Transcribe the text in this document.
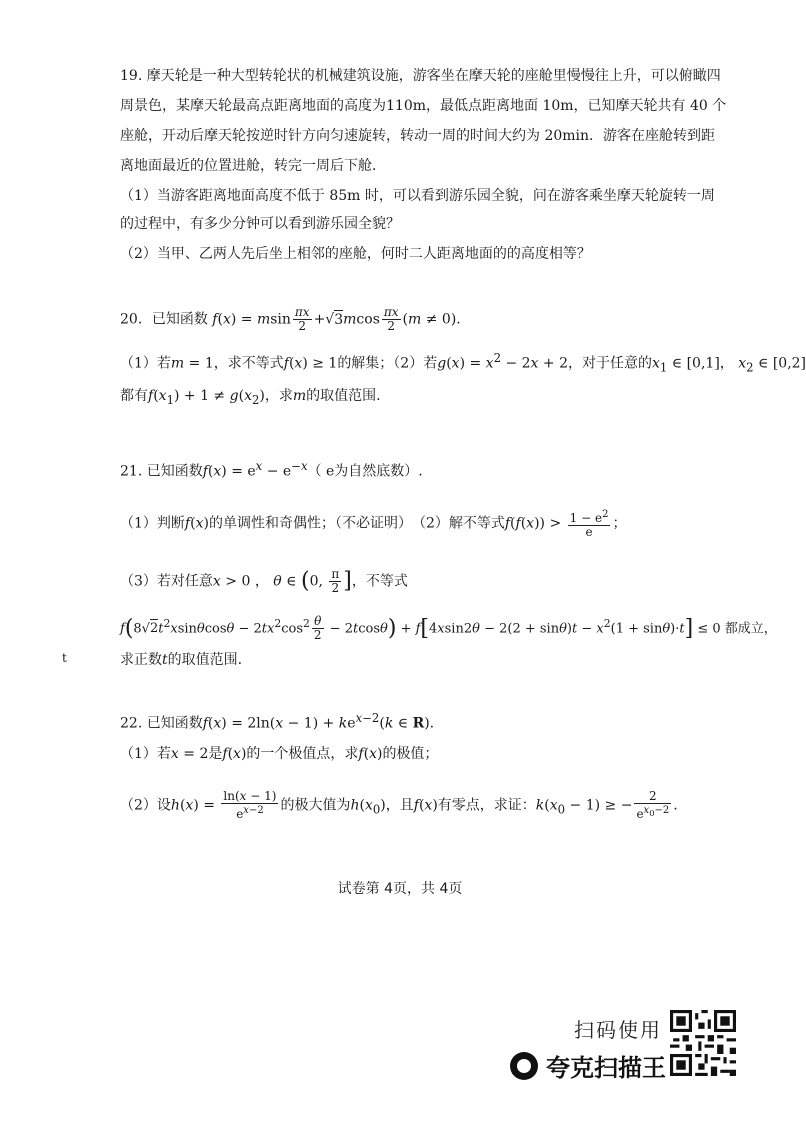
19. 摩天轮是一种大型转轮状的机械建筑设施，游客坐在摩天轮的座舱里慢慢往上升，可以俯瞰四
周景色，某摩天轮最高点距离地面的高度为110m，最低点距离地面 10m，已知摩天轮共有 40 个
座舱，开动后摩天轮按逆时针方向匀速旋转，转动一周的时间大约为 20min．游客在座舱转到距
离地面最近的位置进舱，转完一周后下舱．
（1）当游客距离地面高度不低于 85m 时，可以看到游乐园全貌，问在游客乘坐摩天轮旋转一周
的过程中，有多少分钟可以看到游乐园全貌？
（2）当甲、乙两人先后坐上相邻的座舱，何时二人距离地面的的高度相等？
20．已知函数 f(x) = msin $\frac{\pi x}{2} +√3mcos \frac{\pi x}{2} (m \ne 0)$.
（1）若m = 1，求不等式f(x) ≥ 1的解集；（2）若$g(x) = x^2 - 2x + 2$，对于任意的$x_1$ ∈ [0,1]， $x_2$ ∈ [0,2]
都有$f(x_1) + 1 \ne g(x_2)$，求m的取值范围.
21. 已知函数$f(x) = e^x - e^{-x}$（ e为自然底数）.
（1）判断f(x)的单调性和奇偶性；（不必证明）　（2）解不等式$f(f(x)) > \frac{1 - e^2}{e}$ ；
（3）若对任意x > 0 ， θ ∈ (0, $\frac{\pi}{2}$ ]，不等式
$f(8√2t^2xsin\theta\cos\theta - 2tx^2\cos^2 \frac{\theta}{2} - 2tcos\theta) + f[4xsin2\theta - 2(2 + \sin\theta)t - x^2(1 + \sin\theta)\cdot t] \le 0$ 都成立，
求正数t的取值范围.
t
22. 已知函数$f(x) = 2\ln(x - 1) + ke^{x-2}(k$ ∈ R).
（1）若x = 2是f(x)的一个极值点，求f(x)的极值；
（2）设$h(x) = \frac{\ln(x - 1)}{e^{x-2}}$ 的极大值为$h(x_0)$，且f(x)有零点，求证：$k(x_0 - 1)$ ≥ − $\frac{2}{e^{x_0-2}}$ .
试卷第 4页，共 4页
扫码使用
夸克扫描王
